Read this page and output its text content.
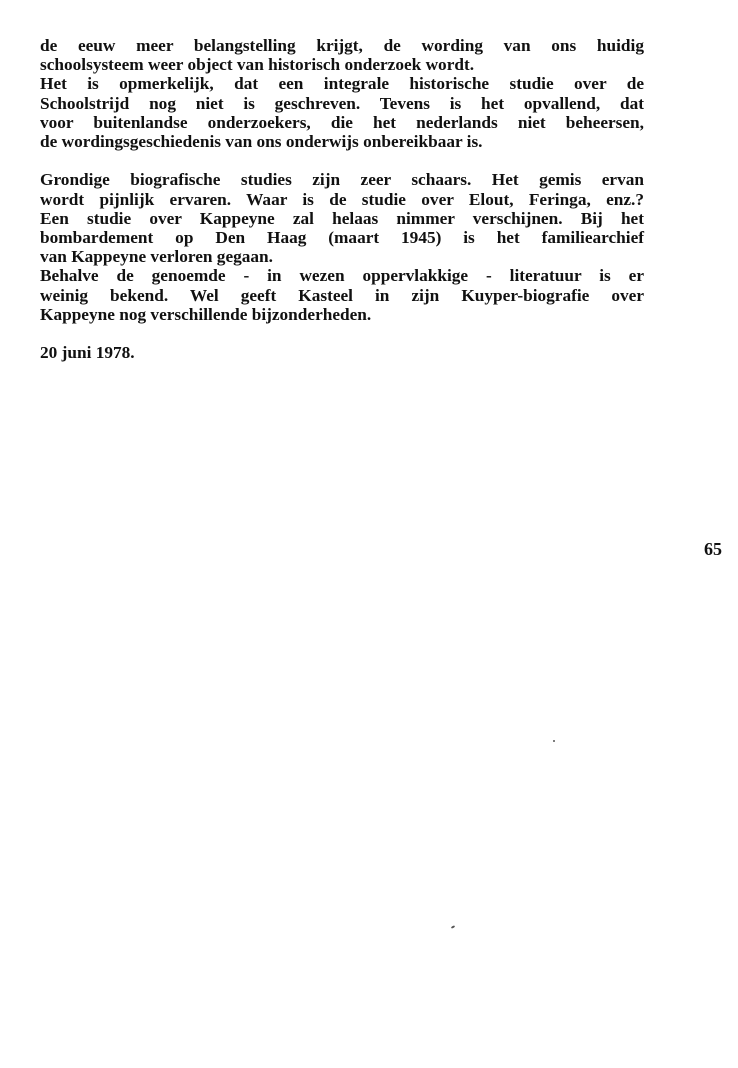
de eeuw meer belangstelling krijgt, de wording van ons huidig
schoolsysteem weer object van historisch onderzoek wordt.

Het is opmerkelijk, dat een integrale historische studie over de
Schoolstrijd nog niet is geschreven. Tevens is het opvallend, dat
voor buitenlandse onderzoekers, die het nederlands niet beheersen,
de wordingsgeschiedenis van ons onderwijs onbereikbaar is.

Grondige biografische studies zijn zeer schaars. Het gemis ervan
wordt pijnlijk ervaren. Waar is de studie over Elout, Feringa, enz.?
Een studie over Kappeyne zal helaas nimmer verschijnen. Bij het
bombardement op Den Haag (maart 1945) is het familiearchief
van Kappeyne verloren gegaan.

Behalve de genoemde - in wezen oppervlakkige - literatuur is er
weinig bekend. Wel geeft Kasteel in zijn Kuyper-biografie over
Kappeyne nog verschillende bijzonderheden.

20 juni 1978.

65
